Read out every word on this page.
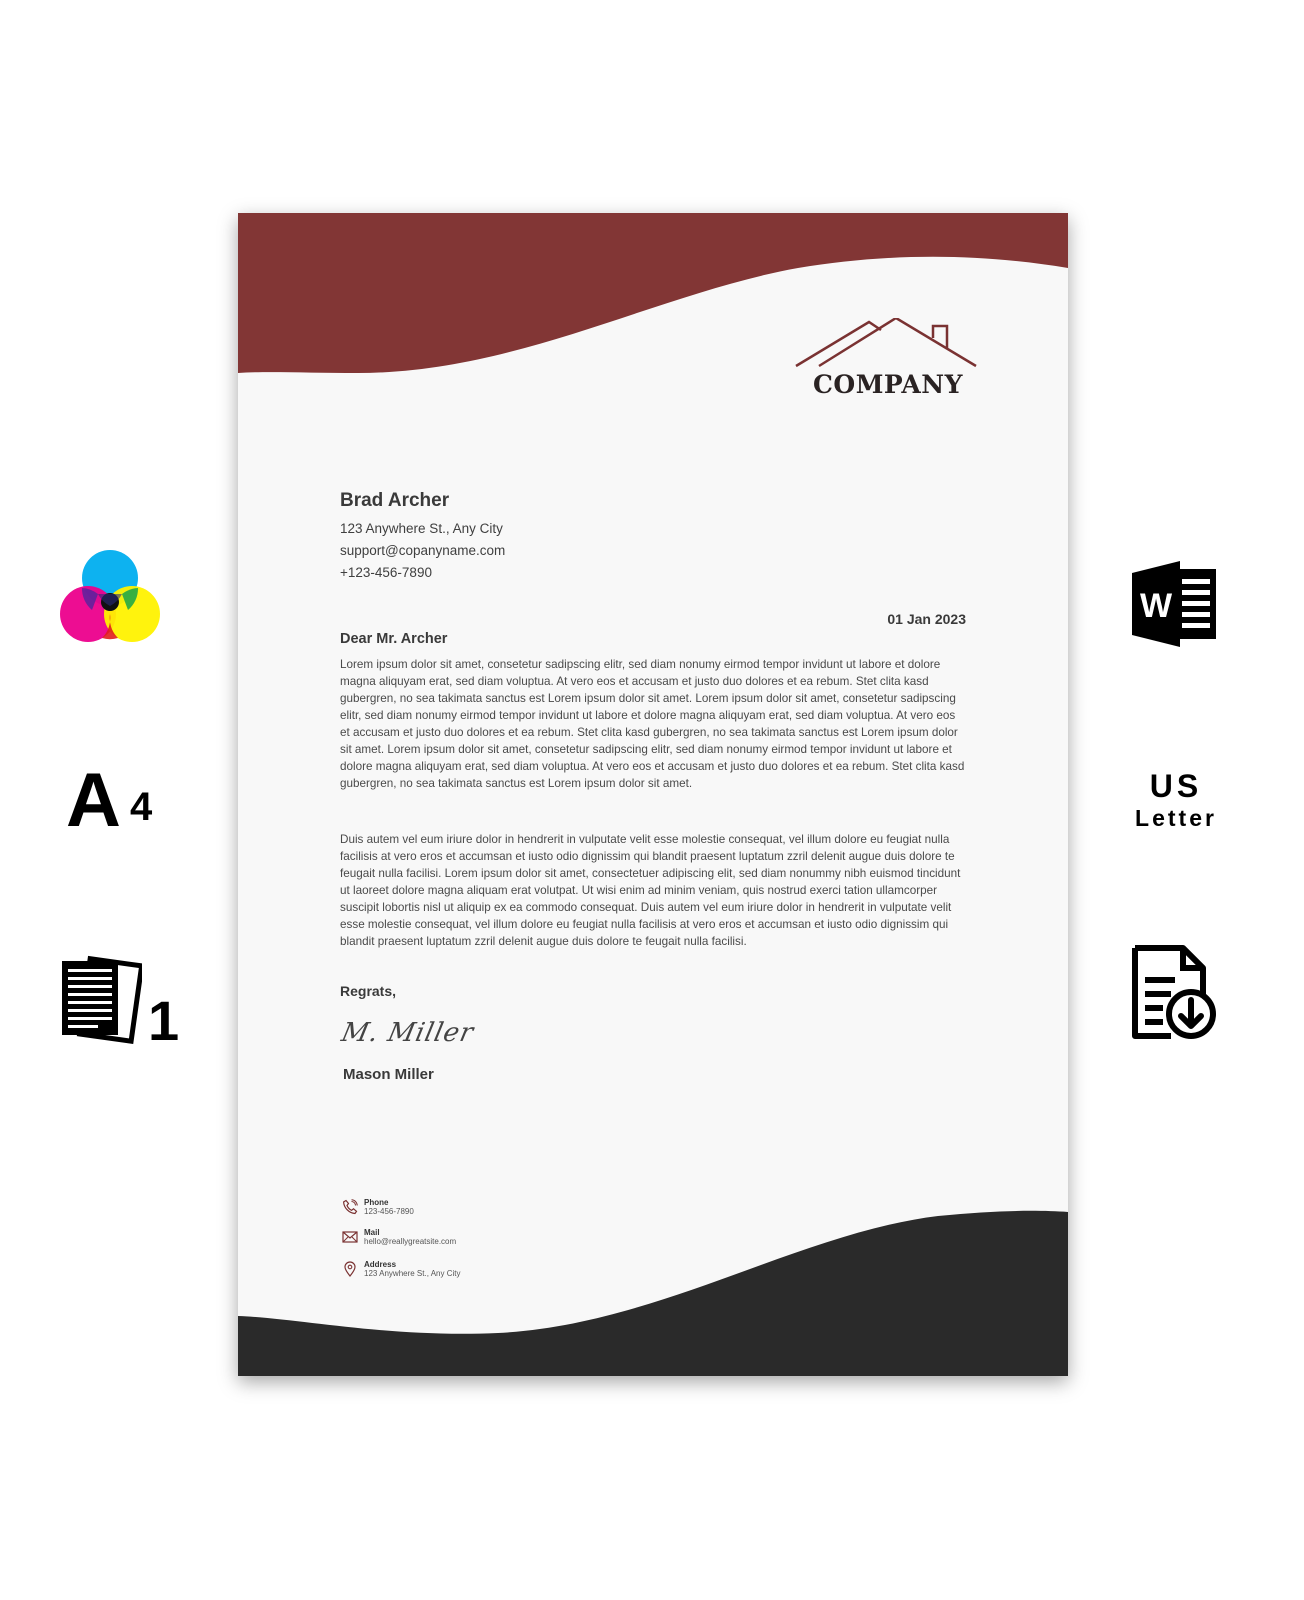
A 4
1
W
US
Letter
COMPANY
Brad Archer
123 Anywhere St., Any City
support@copanyname.com
+123-456-7890
01 Jan 2023
Dear Mr. Archer
Lorem ipsum dolor sit amet, consetetur sadipscing elitr, sed diam nonumy eirmod tempor invidunt ut labore et dolore magna aliquyam erat, sed diam voluptua. At vero eos et accusam et justo duo dolores et ea rebum. Stet clita kasd gubergren, no sea takimata sanctus est Lorem ipsum dolor sit amet. Lorem ipsum dolor sit amet, consetetur sadipscing elitr, sed diam nonumy eirmod tempor invidunt ut labore et dolore magna aliquyam erat, sed diam voluptua. At vero eos et accusam et justo duo dolores et ea rebum. Stet clita kasd gubergren, no sea takimata sanctus est Lorem ipsum dolor sit amet. Lorem ipsum dolor sit amet, consetetur sadipscing elitr, sed diam nonumy eirmod tempor invidunt ut labore et dolore magna aliquyam erat, sed diam voluptua. At vero eos et accusam et justo duo dolores et ea rebum. Stet clita kasd gubergren, no sea takimata sanctus est Lorem ipsum dolor sit amet.
Duis autem vel eum iriure dolor in hendrerit in vulputate velit esse molestie consequat, vel illum dolore eu feugiat nulla facilisis at vero eros et accumsan et iusto odio dignissim qui blandit praesent luptatum zzril delenit augue duis dolore te feugait nulla facilisi. Lorem ipsum dolor sit amet, consectetuer adipiscing elit, sed diam nonummy nibh euismod tincidunt ut laoreet dolore magna aliquam erat volutpat. Ut wisi enim ad minim veniam, quis nostrud exerci tation ullamcorper suscipit lobortis nisl ut aliquip ex ea commodo consequat. Duis autem vel eum iriure dolor in hendrerit in vulputate velit esse molestie consequat, vel illum dolore eu feugiat nulla facilisis at vero eros et accumsan et iusto odio dignissim qui blandit praesent luptatum zzril delenit augue duis dolore te feugait nulla facilisi.
Regrats,
M. Miller
Mason Miller
Phone
123-456-7890
Mail
hello@reallygreatsite.com
Address
123 Anywhere St., Any City
